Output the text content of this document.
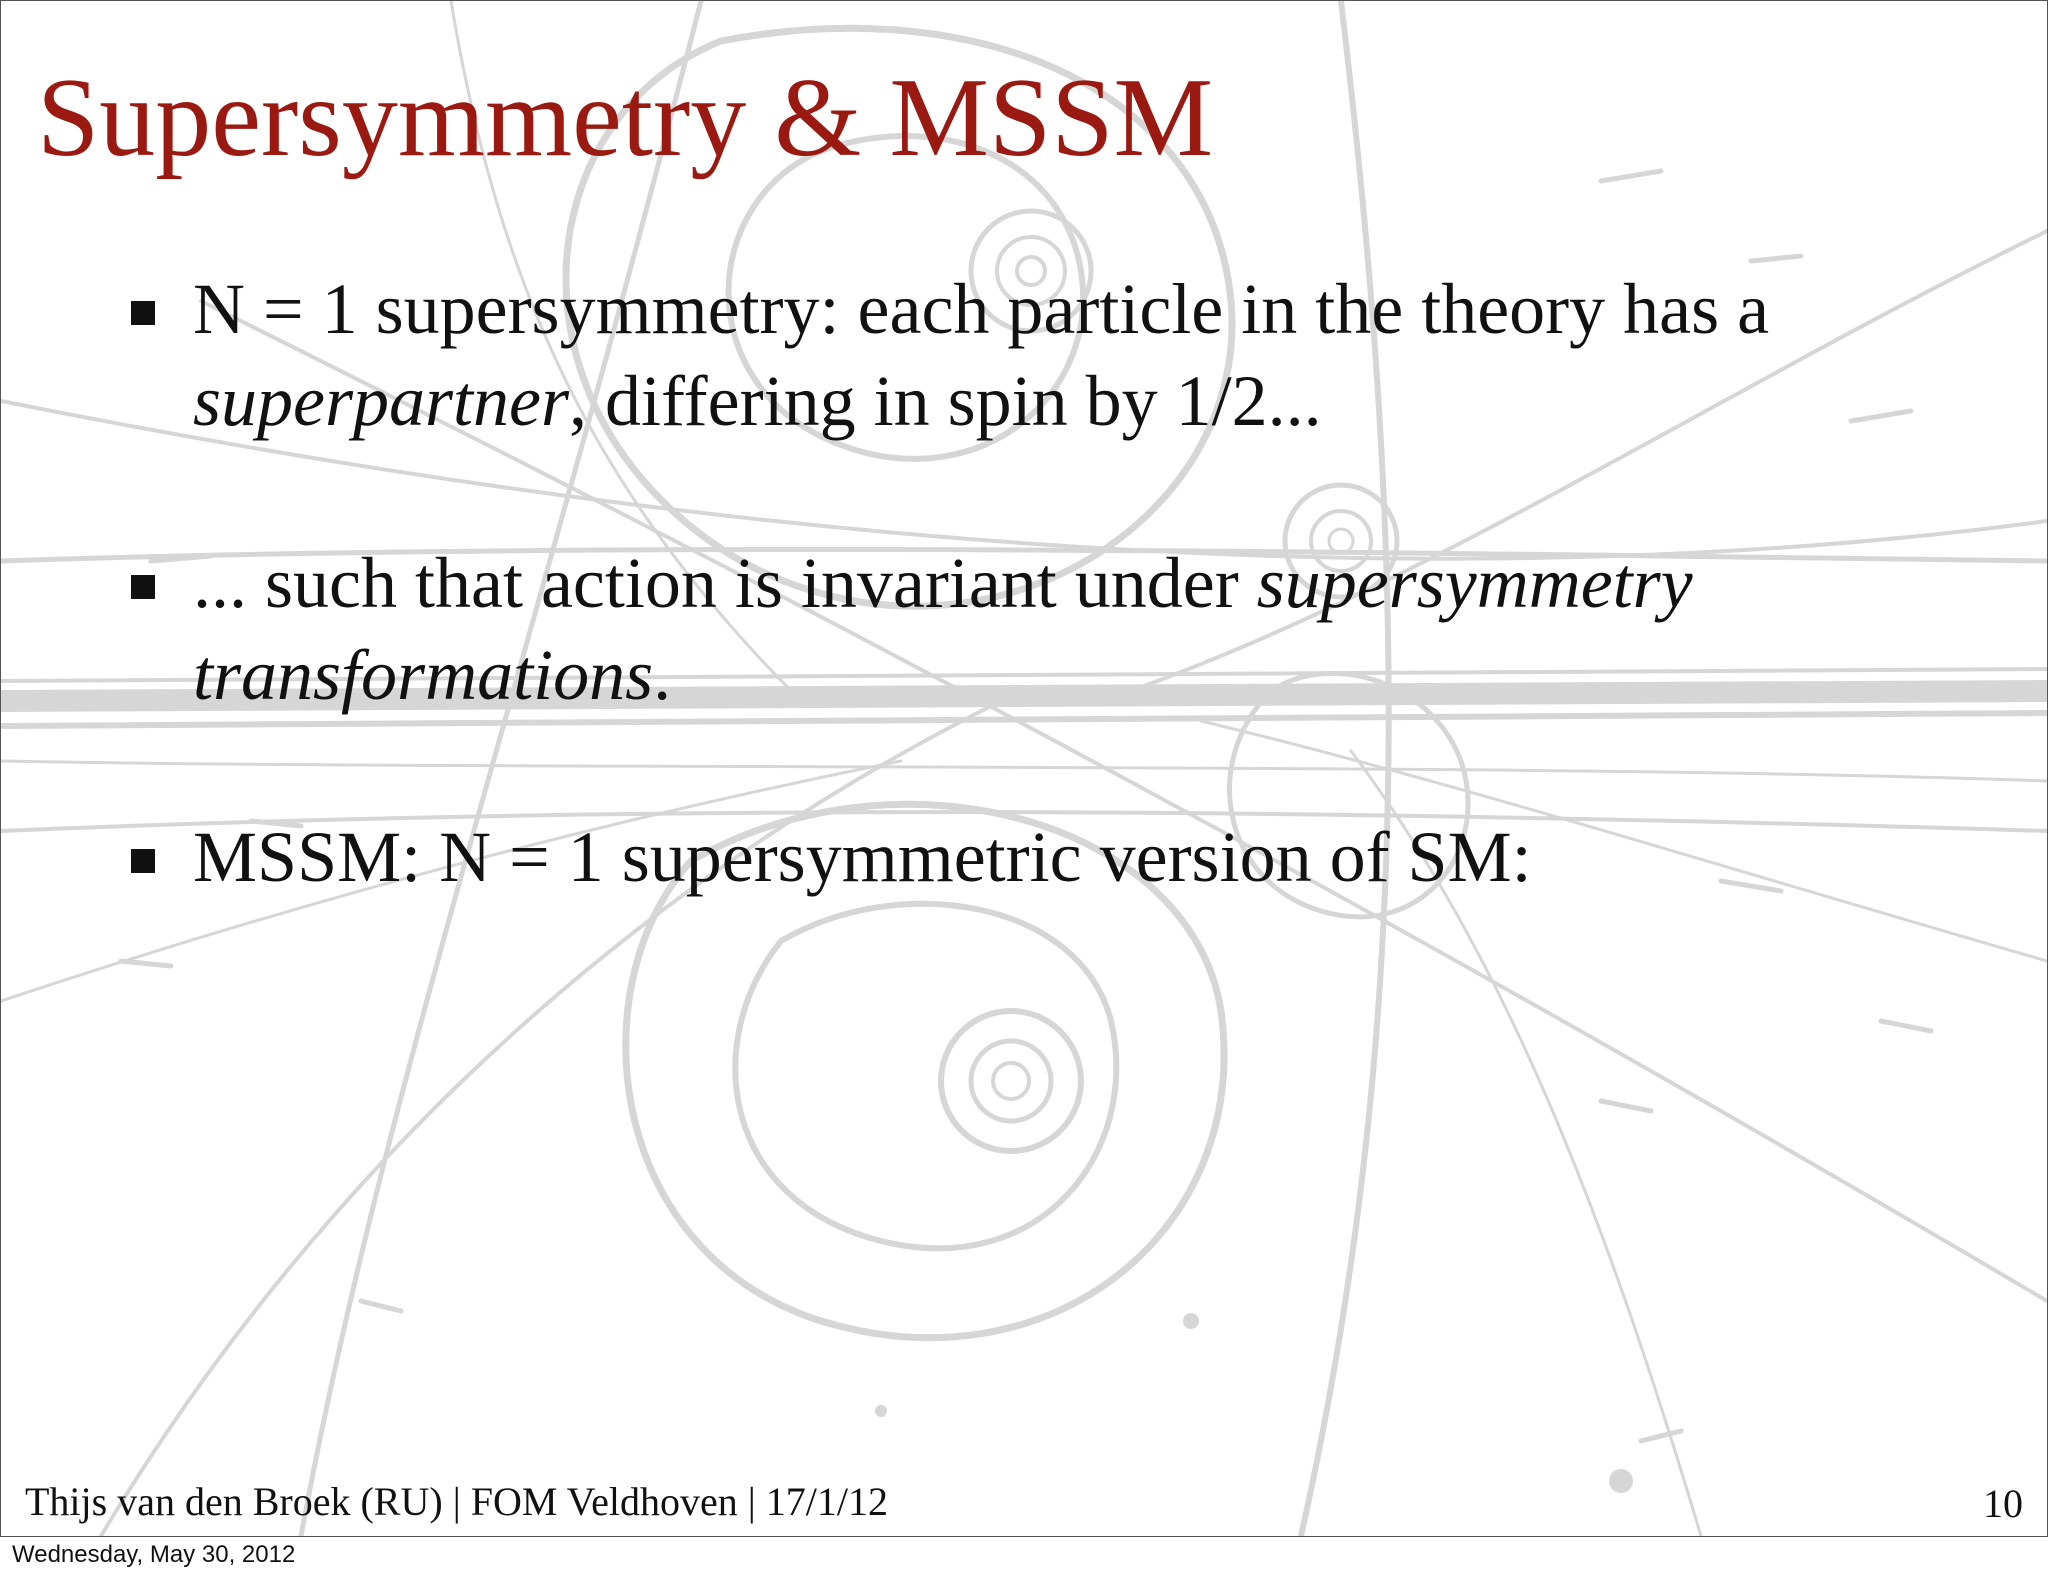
Supersymmetry & MSSM
N = 1 supersymmetry: each particle in the theory has a
superpartner, differing in spin by 1/2...
... such that action is invariant under supersymmetry
transformations.
MSSM: N = 1 supersymmetric version of SM:
Thijs van den Broek (RU) | FOM Veldhoven | 17/1/12	10
Wednesday, May 30, 2012
